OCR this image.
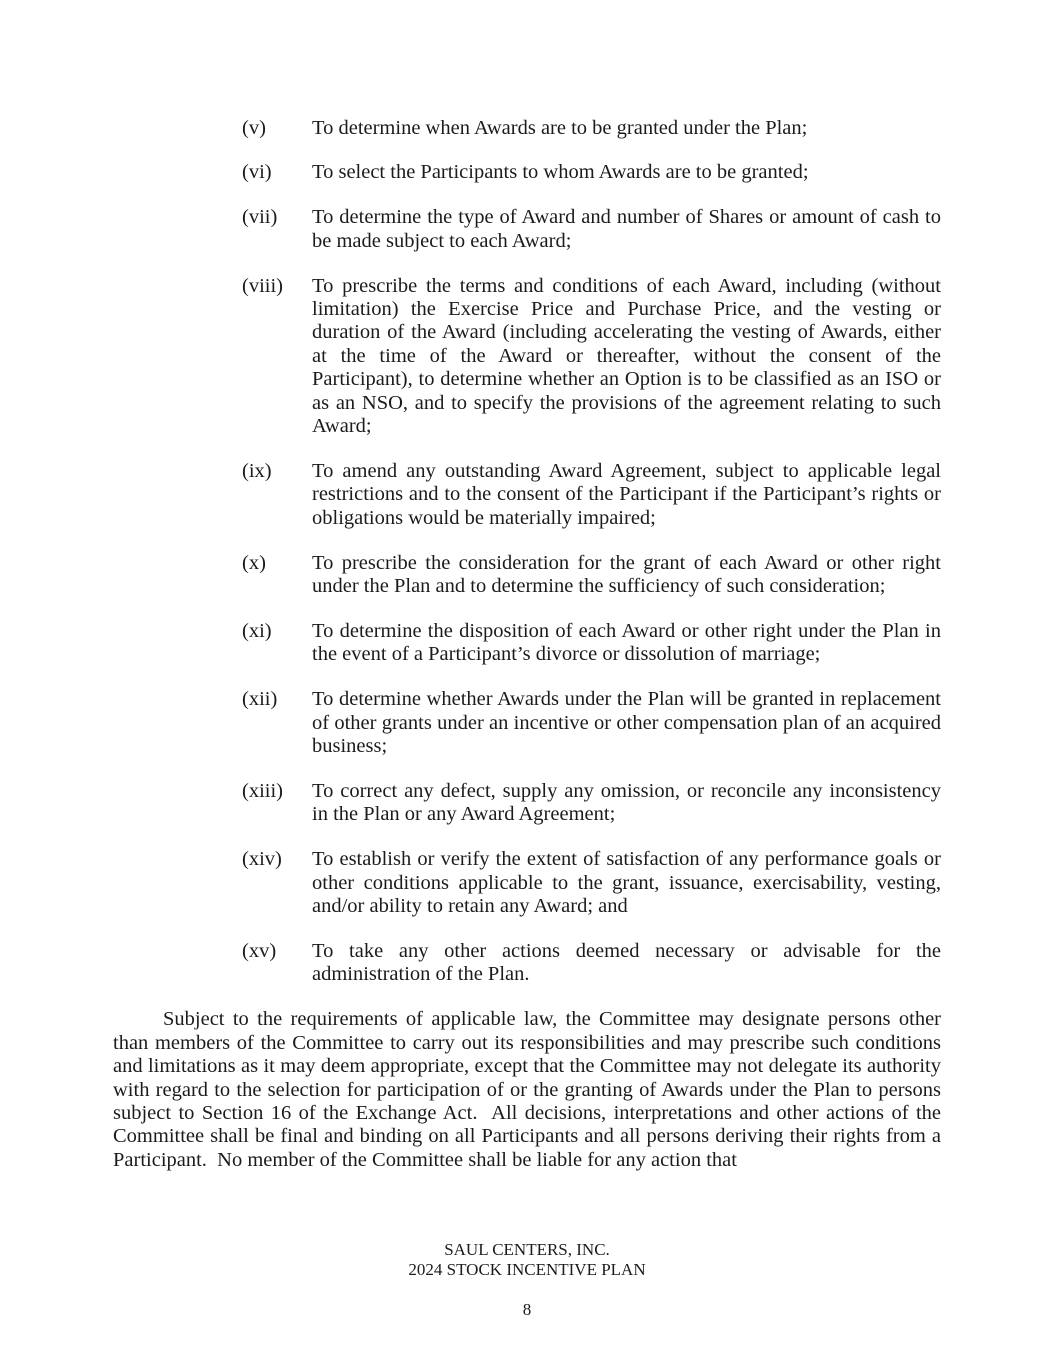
(v)	To determine when Awards are to be granted under the Plan;
(vi)	To select the Participants to whom Awards are to be granted;
(vii)	To determine the type of Award and number of Shares or amount of cash to be made subject to each Award;
(viii)	To prescribe the terms and conditions of each Award, including (without limitation) the Exercise Price and Purchase Price, and the vesting or duration of the Award (including accelerating the vesting of Awards, either at the time of the Award or thereafter, without the consent of the Participant), to determine whether an Option is to be classified as an ISO or as an NSO, and to specify the provisions of the agreement relating to such Award;
(ix)	To amend any outstanding Award Agreement, subject to applicable legal restrictions and to the consent of the Participant if the Participant’s rights or obligations would be materially impaired;
(x)	To prescribe the consideration for the grant of each Award or other right under the Plan and to determine the sufficiency of such consideration;
(xi)	To determine the disposition of each Award or other right under the Plan in the event of a Participant’s divorce or dissolution of marriage;
(xii)	To determine whether Awards under the Plan will be granted in replacement of other grants under an incentive or other compensation plan of an acquired business;
(xiii)	To correct any defect, supply any omission, or reconcile any inconsistency in the Plan or any Award Agreement;
(xiv)	To establish or verify the extent of satisfaction of any performance goals or other conditions applicable to the grant, issuance, exercisability, vesting, and/or ability to retain any Award; and
(xv)	To take any other actions deemed necessary or advisable for the administration of the Plan.

Subject to the requirements of applicable law, the Committee may designate persons other than members of the Committee to carry out its responsibilities and may prescribe such conditions and limitations as it may deem appropriate, except that the Committee may not delegate its authority with regard to the selection for participation of or the granting of Awards under the Plan to persons subject to Section 16 of the Exchange Act.  All decisions, interpretations and other actions of the Committee shall be final and binding on all Participants and all persons deriving their rights from a Participant.  No member of the Committee shall be liable for any action that

SAUL CENTERS, INC.
2024 STOCK INCENTIVE PLAN
8
